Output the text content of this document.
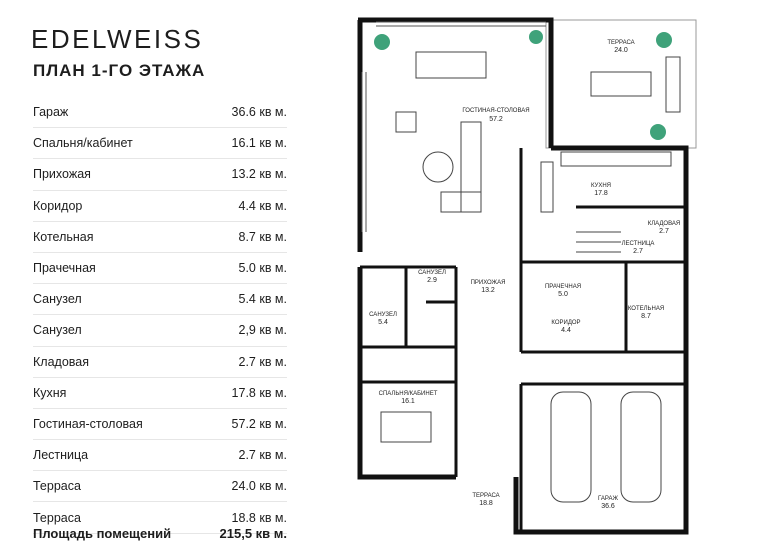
EDELWEISS
ПЛАН 1-ГО ЭТАЖА
Гараж	36.6 кв м.
Спальня/кабинет	16.1 кв м.
Прихожая	13.2 кв м.
Коридор	4.4 кв м.
Котельная	8.7 кв м.
Прачечная	5.0 кв м.
Санузел	5.4 кв м.
Санузел	2,9 кв м.
Кладовая	2.7 кв м.
Кухня	17.8 кв м.
Гостиная-столовая	57.2 кв м.
Лестница	2.7 кв м.
Терраса	24.0 кв м.
Терраса	18.8 кв м.
Площадь помещений	215,5 кв м.
ТЕРРАСА
24.0
ГОСТИНАЯ-СТОЛОВАЯ
57.2
КУХНЯ
17.8
КЛАДОВАЯ
2.7
ЛЕСТНИЦА
2.7
САНУЗЕЛ
2.9	ПРИХОЖАЯ
13.2	ПРАЧЕЧНАЯ
5.0
КОТЕЛЬНАЯ
8.7
САНУЗЕЛ
5.4	КОРИДОР
4.4
СПАЛЬНЯ/КАБИНЕТ
16.1
ТЕРРАСА
18.8
ГАРАЖ
36.6
